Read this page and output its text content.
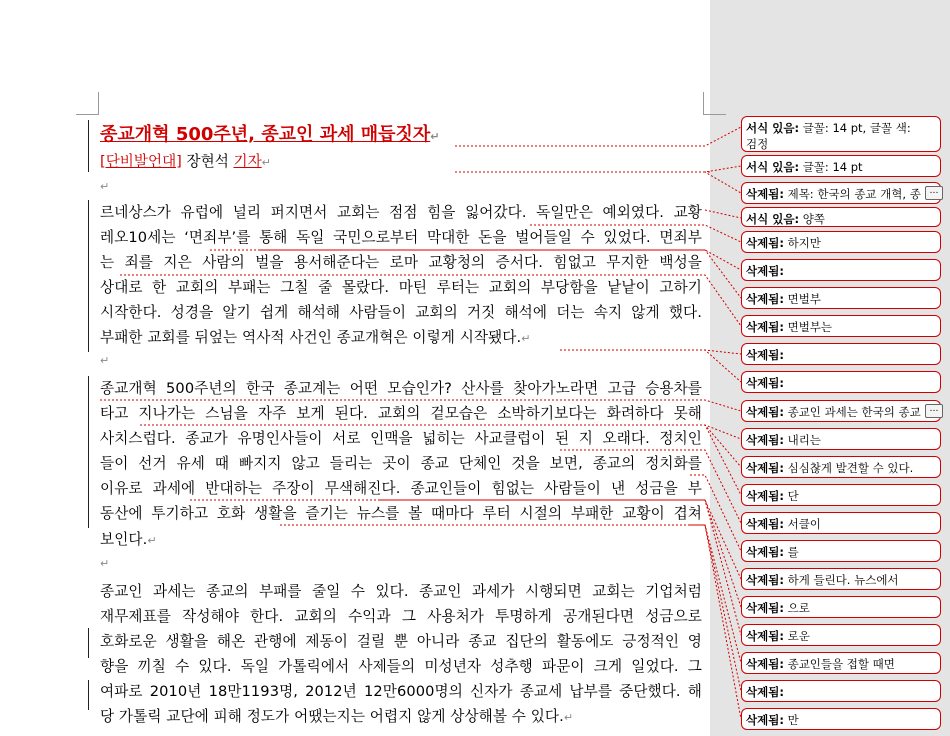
종교개혁 500주년, 종교인 과세 매듭짓자↵
[단비발언대] 장현석 기자↵
↵
르네상스가 유럽에 널리 퍼지면서 교회는 점점 힘을 잃어갔다. 독일만은 예외였다. 교황
레오10세는 ‘면죄부’를 통해 독일 국민으로부터 막대한 돈을 벌어들일 수 있었다. 면죄부
는 죄를 지은 사람의 벌을 용서해준다는 로마 교황청의 증서다. 힘없고 무지한 백성을
상대로 한 교회의 부패는 그칠 줄 몰랐다. 마틴 루터는 교회의 부당함을 낱낱이 고하기
시작한다. 성경을 알기 쉽게 해석해 사람들이 교회의 거짓 해석에 더는 속지 않게 했다.
부패한 교회를 뒤엎는 역사적 사건인 종교개혁은 이렇게 시작됐다.↵
↵
종교개혁 500주년의 한국 종교계는 어떤 모습인가? 산사를 찾아가노라면 고급 승용차를
타고 지나가는 스님을 자주 보게 된다. 교회의 겉모습은 소박하기보다는 화려하다 못해
사치스럽다. 종교가 유명인사들이 서로 인맥을 넓히는 사교클럽이 된 지 오래다. 정치인
들이 선거 유세 때 빠지지 않고 들리는 곳이 종교 단체인 것을 보면, 종교의 정치화를
이유로 과세에 반대하는 주장이 무색해진다. 종교인들이 힘없는 사람들이 낸 성금을 부
동산에 투기하고 호화 생활을 즐기는 뉴스를 볼 때마다 루터 시절의 부패한 교황이 겹쳐
보인다.↵
↵
종교인 과세는 종교의 부패를 줄일 수 있다. 종교인 과세가 시행되면 교회는 기업처럼
재무제표를 작성해야 한다. 교회의 수익과 그 사용처가 투명하게 공개된다면 성금으로
호화로운 생활을 해온 관행에 제동이 걸릴 뿐 아니라 종교 집단의 활동에도 긍정적인 영
향을 끼칠 수 있다. 독일 가톨릭에서 사제들의 미성년자 성추행 파문이 크게 일었다. 그
여파로 2010년 18만1193명, 2012년 12만6000명의 신자가 종교세 납부를 중단했다. 해
당 가톨릭 교단에 피해 정도가 어땠는지는 어렵지 않게 상상해볼 수 있다.↵
서식 있음: 글꼴: 14 pt, 글꼴 색:
검정
서식 있음: 글꼴: 14 pt
삭제됨: 제목: 한국의 종교 개혁, 종
서식 있음: 양쪽
삭제됨: 하지만
삭제됨:
삭제됨: 면벌부
삭제됨: 면벌부는
삭제됨:
삭제됨:
삭제됨: 종교인 과세는 한국의 종교
삭제됨: 내리는
삭제됨: 심심찮게 발견할 수 있다.
삭제됨: 단
삭제됨: 서클이
삭제됨: 를
삭제됨: 하게 들린다. 뉴스에서
삭제됨: 으로
삭제됨: 로운
삭제됨: 종교인들을 접할 때면
삭제됨:
삭제됨: 만
…
…
